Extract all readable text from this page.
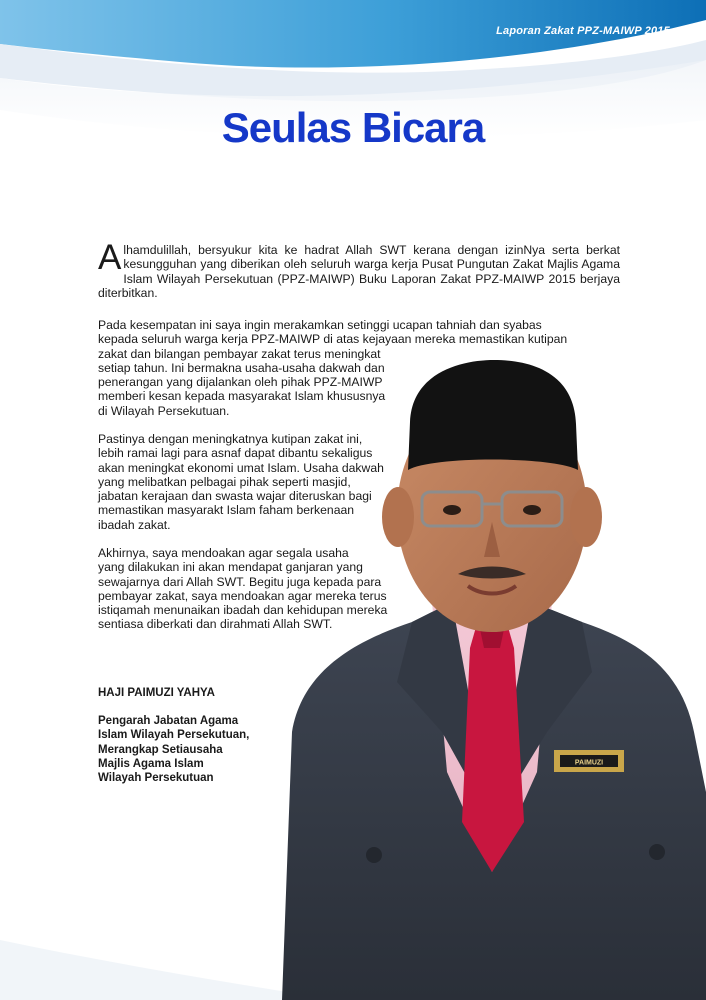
Laporan Zakat PPZ-MAIWP 2015
Seulas Bicara
A lhamdulillah, bersyukur kita ke hadrat Allah SWT kerana dengan izinNya serta berkat kesungguhan yang diberikan oleh seluruh warga kerja Pusat Pungutan Zakat Majlis Agama Islam Wilayah Persekutuan (PPZ-MAIWP) Buku Laporan Zakat PPZ-MAIWP 2015 berjaya diterbitkan.
Pada kesempatan ini saya ingin merakamkan setinggi ucapan tahniah dan syabas
kepada seluruh warga kerja PPZ-MAIWP di atas kejayaan mereka memastikan kutipan
zakat dan bilangan pembayar zakat terus meningkat
setiap tahun. Ini bermakna usaha-usaha dakwah dan
penerangan yang dijalankan oleh pihak PPZ-MAIWP
memberi kesan kepada masyarakat Islam khususnya
di Wilayah Persekutuan.
Pastinya dengan meningkatnya kutipan zakat ini,
lebih ramai lagi para asnaf dapat dibantu sekaligus
akan meningkat ekonomi umat Islam. Usaha dakwah
yang melibatkan pelbagai pihak seperti masjid,
jabatan kerajaan dan swasta wajar diteruskan bagi
memastikan masyarakt Islam faham berkenaan
ibadah zakat.
Akhirnya, saya mendoakan agar segala usaha
yang dilakukan ini akan mendapat ganjaran yang
sewajarnya dari Allah SWT. Begitu juga kepada para
pembayar zakat, saya mendoakan agar mereka terus
istiqamah menunaikan ibadah dan kehidupan mereka
sentiasa diberkati dan dirahmati Allah SWT.
HAJI PAIMUZI YAHYA
Pengarah Jabatan Agama
Islam Wilayah Persekutuan,
Merangkap Setiausaha
Majlis Agama Islam
Wilayah Persekutuan
PAIMUZI
